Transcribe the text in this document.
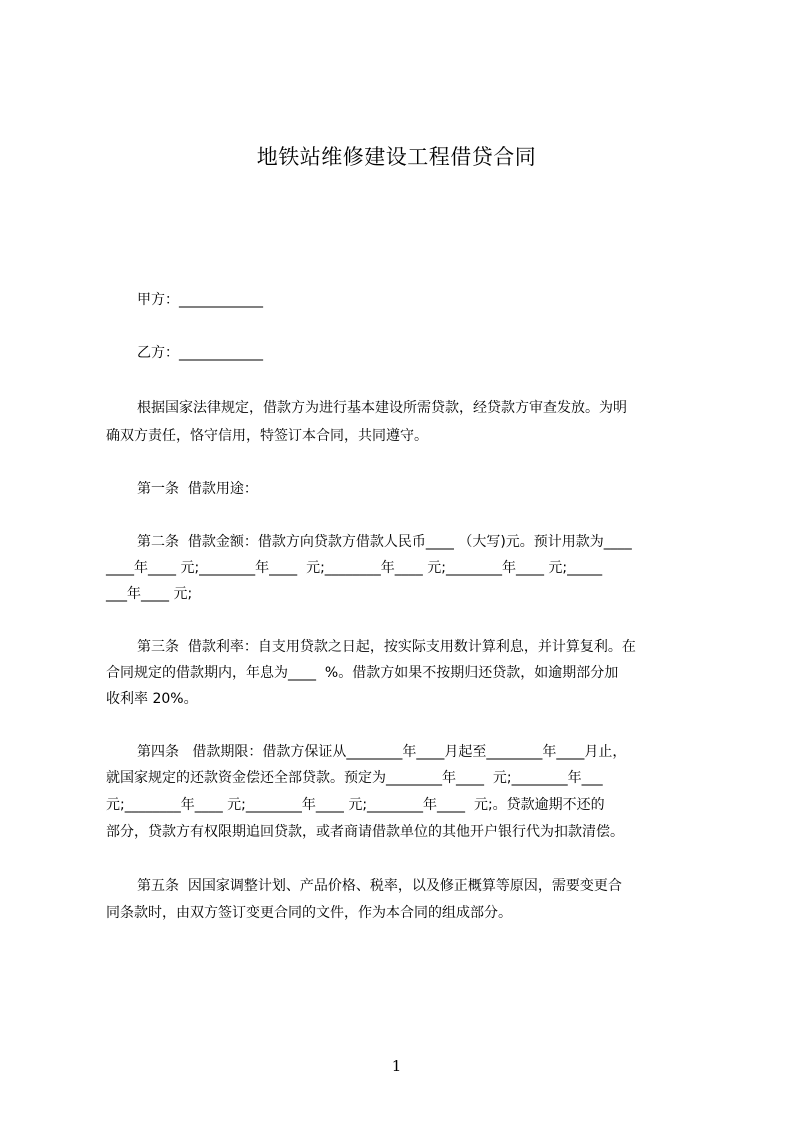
地铁站维修建设工程借贷合同
甲方：____________
乙方：____________
根据国家法律规定，借款方为进行基本建设所需贷款，经贷款方审查发放。为明
确双方责任，恪守信用，特签订本合同，共同遵守。
第一条  借款用途：
第二条  借款金额：借款方向贷款方借款人民币____ （大写)元。预计用款为____
____年____ 元;________年____  元;________年____ 元;________年____ 元;_____
___年____ 元;
第三条  借款利率：自支用贷款之日起，按实际支用数计算利息，并计算复利。在
合同规定的借款期内，年息为____  %。借款方如果不按期归还贷款，如逾期部分加
收利率 20%。
第四条   借款期限：借款方保证从________年____月起至________年____月止，
就国家规定的还款资金偿还全部贷款。预定为________年____  元;________年___
元;________年____ 元;________年____ 元;________年____  元;。贷款逾期不还的
部分，贷款方有权限期追回贷款，或者商请借款单位的其他开户银行代为扣款清偿。
第五条  因国家调整计划、产品价格、税率，以及修正概算等原因，需要变更合
同条款时，由双方签订变更合同的文件，作为本合同的组成部分。
1
